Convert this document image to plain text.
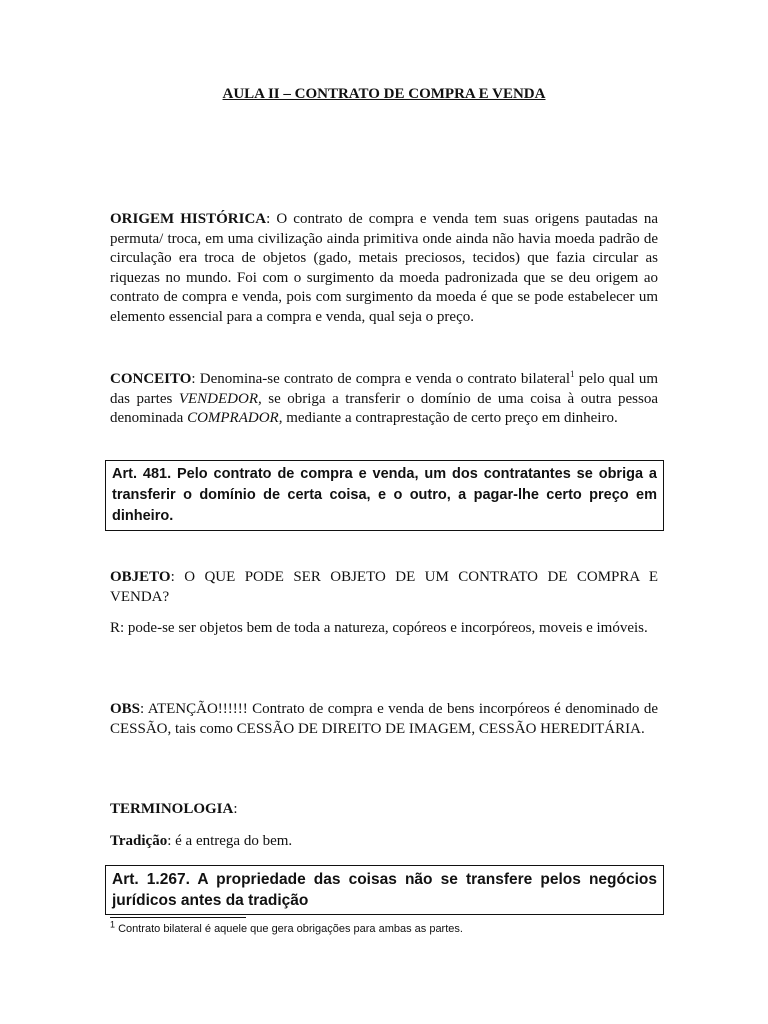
AULA II – CONTRATO DE COMPRA E VENDA

ORIGEM HISTÓRICA: O contrato de compra e venda tem suas origens pautadas na permuta/ troca, em uma civilização ainda primitiva onde ainda não havia moeda padrão de circulação era troca de objetos (gado, metais preciosos, tecidos) que fazia circular as riquezas no mundo. Foi com o surgimento da moeda padronizada que se deu origem ao contrato de compra e venda, pois com surgimento da moeda é que se pode estabelecer um elemento essencial para a compra e venda, qual seja o preço.

CONCEITO: Denomina-se contrato de compra e venda o contrato bilateral$^1$ pelo qual um das partes VENDEDOR, se obriga a transferir o domínio de uma coisa à outra pessoa denominada COMPRADOR, mediante a contraprestação de certo preço em dinheiro.

Art. 481. Pelo contrato de compra e venda, um dos contratantes se obriga a transferir o domínio de certa coisa, e o outro, a pagar-lhe certo preço em dinheiro.

OBJETO: O QUE PODE SER OBJETO DE UM CONTRATO DE COMPRA E VENDA?

R: pode-se ser objetos bem de toda a natureza, copóreos e incorpóreos, moveis e imóveis.

OBS: ATENÇÃO!!!!!! Contrato de compra e venda de bens incorpóreos é denominado de CESSÃO, tais como CESSÃO DE DIREITO DE IMAGEM, CESSÃO HEREDITÁRIA.

TERMINOLOGIA:

Tradição: é a entrega do bem.

Art. 1.267. A propriedade das coisas não se transfere pelos negócios jurídicos antes da tradição
$^1$ Contrato bilateral é aquele que gera obrigações para ambas as partes.
